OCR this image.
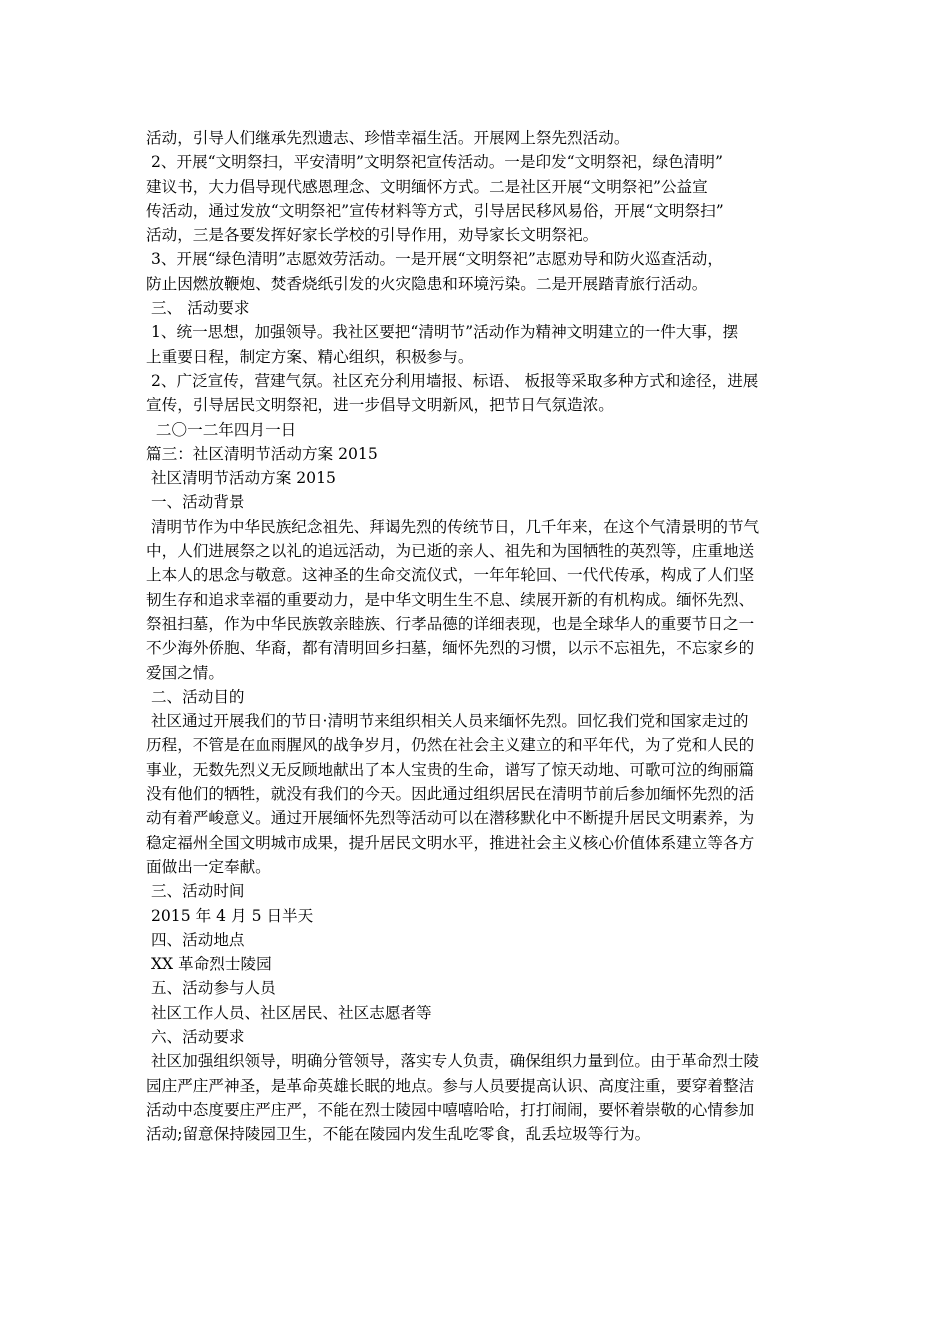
活动，引导人们继承先烈遗志、珍惜幸福生活。开展网上祭先烈活动。
2、开展“文明祭扫，平安清明”文明祭祀宣传活动。一是印发“文明祭祀，绿色清明”
建议书，大力倡导现代感恩理念、文明缅怀方式。二是社区开展“文明祭祀”公益宣
传活动，通过发放“文明祭祀”宣传材料等方式，引导居民移风易俗，开展“文明祭扫”
活动，三是各要发挥好家长学校的引导作用，劝导家长文明祭祀。
3、开展“绿色清明”志愿效劳活动。一是开展“文明祭祀”志愿劝导和防火巡查活动，
防止因燃放鞭炮、焚香烧纸引发的火灾隐患和环境污染。二是开展踏青旅行活动。
三、 活动要求
1、统一思想，加强领导。我社区要把“清明节”活动作为精神文明建立的一件大事，摆
上重要日程，制定方案、精心组织，积极参与。
2、广泛宣传，营建气氛。社区充分利用墙报、标语、 板报等采取多种方式和途径，进展
宣传，引导居民文明祭祀，进一步倡导文明新风，把节日气氛造浓。
二〇一二年四月一日
篇三：社区清明节活动方案 2015
社区清明节活动方案 2015
一、活动背景
清明节作为中华民族纪念祖先、拜谒先烈的传统节日，几千年来，在这个气清景明的节气
中，人们进展祭之以礼的追远活动，为已逝的亲人、祖先和为国牺牲的英烈等，庄重地送
上本人的思念与敬意。这神圣的生命交流仪式，一年年轮回、一代代传承，构成了人们坚
韧生存和追求幸福的重要动力，是中华文明生生不息、续展开新的有机构成。缅怀先烈、
祭祖扫墓，作为中华民族敦亲睦族、行孝品德的详细表现，也是全球华人的重要节日之一
不少海外侨胞、华裔，都有清明回乡扫墓，缅怀先烈的习惯，以示不忘祖先，不忘家乡的
爱国之情。
二、活动目的
社区通过开展我们的节日·清明节来组织相关人员来缅怀先烈。回忆我们党和国家走过的
历程，不管是在血雨腥风的战争岁月，仍然在社会主义建立的和平年代，为了党和人民的
事业，无数先烈义无反顾地献出了本人宝贵的生命，谱写了惊天动地、可歌可泣的绚丽篇
没有他们的牺牲，就没有我们的今天。因此通过组织居民在清明节前后参加缅怀先烈的活
动有着严峻意义。通过开展缅怀先烈等活动可以在潜移默化中不断提升居民文明素养，为
稳定福州全国文明城市成果，提升居民文明水平，推进社会主义核心价值体系建立等各方
面做出一定奉献。
三、活动时间
2015 年 4 月 5 日半天
四、活动地点
XX 革命烈士陵园
五、活动参与人员
社区工作人员、社区居民、社区志愿者等
六、活动要求
社区加强组织领导，明确分管领导，落实专人负责，确保组织力量到位。由于革命烈士陵
园庄严庄严神圣，是革命英雄长眠的地点。参与人员要提高认识、高度注重，要穿着整洁
活动中态度要庄严庄严，不能在烈士陵园中嘻嘻哈哈，打打闹闹，要怀着崇敬的心情参加
活动;留意保持陵园卫生，不能在陵园内发生乱吃零食，乱丢垃圾等行为。
